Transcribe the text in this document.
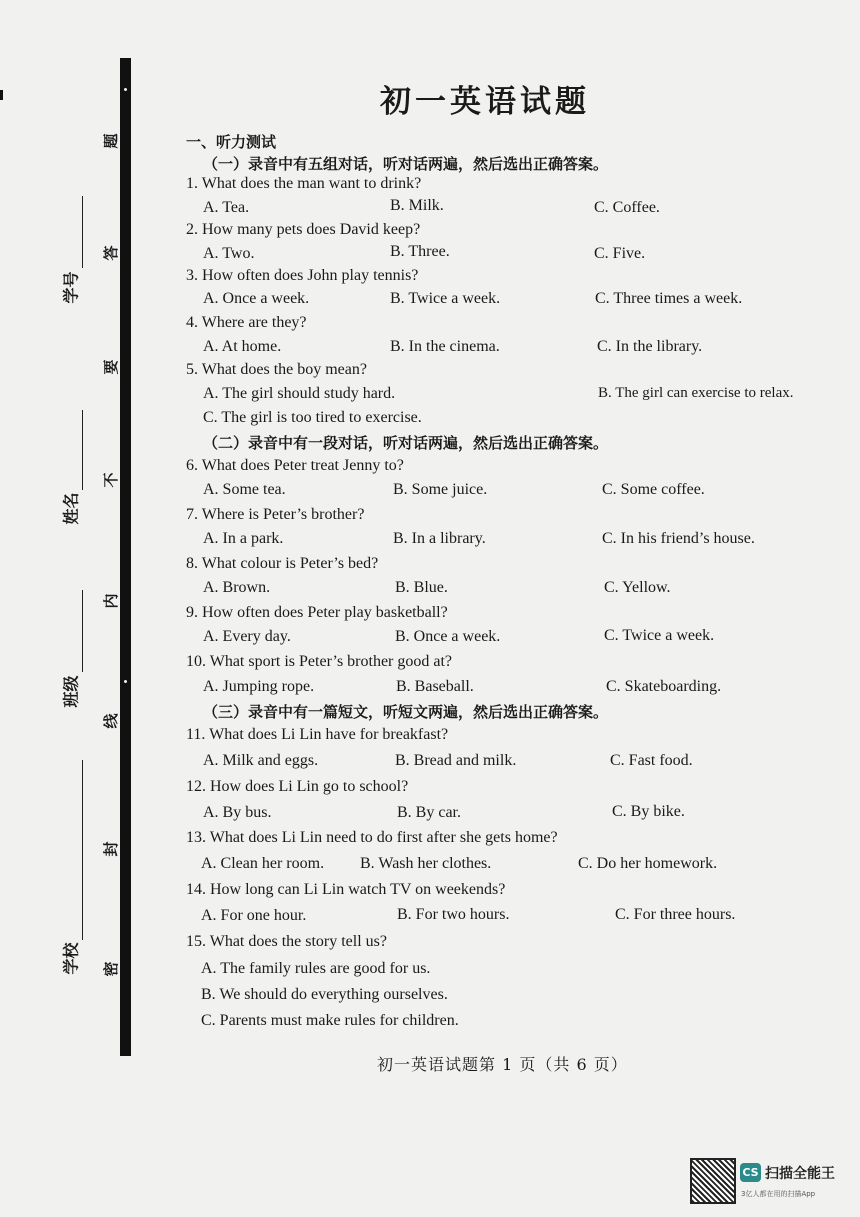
题
答
要
不
内
线
封
密
学号
姓名
班级
学校
初一英语试题
一、听力测试
（一）录音中有五组对话，听对话两遍，然后选出正确答案。
1. What does the man want to drink?
A. Tea.	B. Milk.	C. Coffee.
2. How many pets does David keep?
A. Two.	B. Three.	C. Five.
3. How often does John play tennis?
A. Once a week.	B. Twice a week.	C. Three times a week.
4. Where are they?
A. At home.	B. In the cinema.	C. In the library.
5. What does the boy mean?
A. The girl should study hard.	B. The girl can exercise to relax.
C. The girl is too tired to exercise.
（二）录音中有一段对话，听对话两遍，然后选出正确答案。
6. What does Peter treat Jenny to?
A. Some tea.	B. Some juice.	C. Some coffee.
7. Where is Peter’s brother?
A. In a park.	B. In a library.	C. In his friend’s house.
8. What colour is Peter’s bed?
A. Brown.	B. Blue.	C. Yellow.
9. How often does Peter play basketball?
A. Every day.	B. Once a week.	C. Twice a week.
10. What sport is Peter’s brother good at?
A. Jumping rope.	B. Baseball.	C. Skateboarding.
（三）录音中有一篇短文，听短文两遍，然后选出正确答案。
11. What does Li Lin have for breakfast?
A. Milk and eggs.	B. Bread and milk.	C. Fast food.
12. How does Li Lin go to school?
A. By bus.	B. By car.	C. By bike.
13. What does Li Lin need to do first after she gets home?
A. Clean her room. B. Wash her clothes.	C. Do her homework.
14. How long can Li Lin watch TV on weekends?
A. For one hour.	B. For two hours.	C. For three hours.
15. What does the story tell us?
A. The family rules are good for us.
B. We should do everything ourselves.
C. Parents must make rules for children.
初一英语试题第 1 页（共 6 页）
CS 扫描全能王
3亿人都在用的扫描App
